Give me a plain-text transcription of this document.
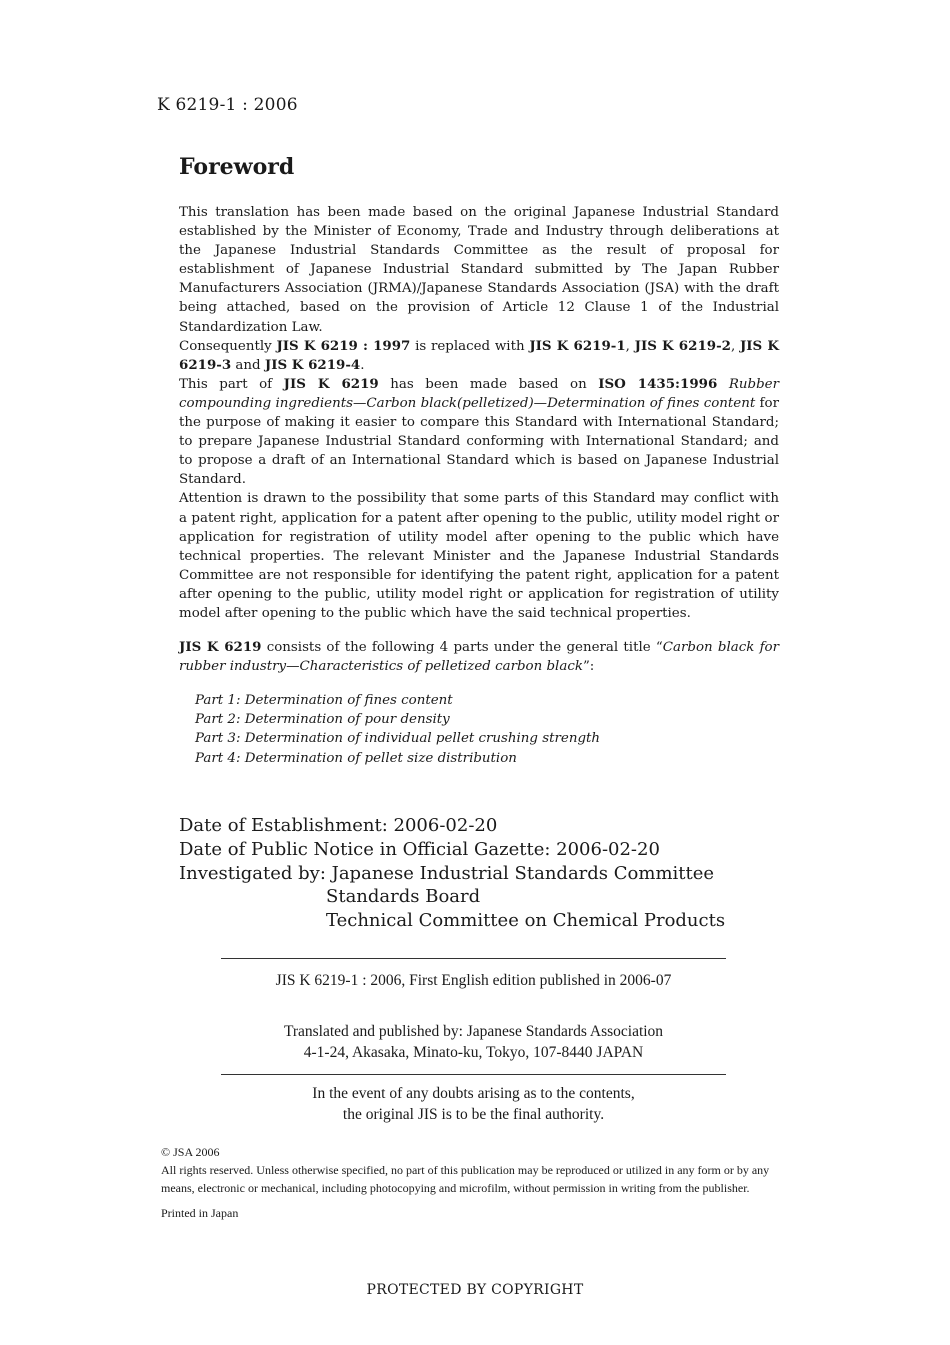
K 6219-1 : 2006
Foreword

This translation has been made based on the original Japanese Industrial Standard established by the Minister of Economy, Trade and Industry through deliberations at the Japanese Industrial Standards Committee as the result of proposal for establishment of Japanese Industrial Standard submitted by The Japan Rubber Manufacturers Association (JRMA)/Japanese Standards Association (JSA) with the draft being attached, based on the provision of Article 12 Clause 1 of the Industrial Standardization Law.

Consequently JIS K 6219 : 1997 is replaced with JIS K 6219-1, JIS K 6219-2, JIS K 6219-3 and JIS K 6219-4.

This part of JIS K 6219 has been made based on ISO 1435:1996 Rubber compounding ingredients—Carbon black(pelletized)—Determination of fines content for the purpose of making it easier to compare this Standard with International Standard; to prepare Japanese Industrial Standard conforming with International Standard; and to propose a draft of an International Standard which is based on Japanese Industrial Standard.

Attention is drawn to the possibility that some parts of this Standard may conflict with a patent right, application for a patent after opening to the public, utility model right or application for registration of utility model after opening to the public which have technical properties. The relevant Minister and the Japanese Industrial Standards Committee are not responsible for identifying the patent right, application for a patent after opening to the public, utility model right or application for registration of utility model after opening to the public which have the said technical properties.

JIS K 6219 consists of the following 4 parts under the general title “Carbon black for rubber industry—Characteristics of pelletized carbon black”:

Part 1: Determination of fines content
Part 2: Determination of pour density
Part 3: Determination of individual pellet crushing strength
Part 4: Determination of pellet size distribution
Date of Establishment: 2006-02-20
Date of Public Notice in Official Gazette: 2006-02-20
Investigated by: Japanese Industrial Standards Committee
Standards Board
Technical Committee on Chemical Products
JIS K 6219-1 : 2006, First English edition published in 2006-07
Translated and published by: Japanese Standards Association
4-1-24, Akasaka, Minato-ku, Tokyo, 107-8440 JAPAN
In the event of any doubts arising as to the contents,
the original JIS is to be the final authority.

© JSA 2006

All rights reserved. Unless otherwise specified, no part of this publication may be reproduced or utilized in any form or by any means, electronic or mechanical, including photocopying and microfilm, without permission in writing from the publisher.

Printed in Japan

PROTECTED BY COPYRIGHT
